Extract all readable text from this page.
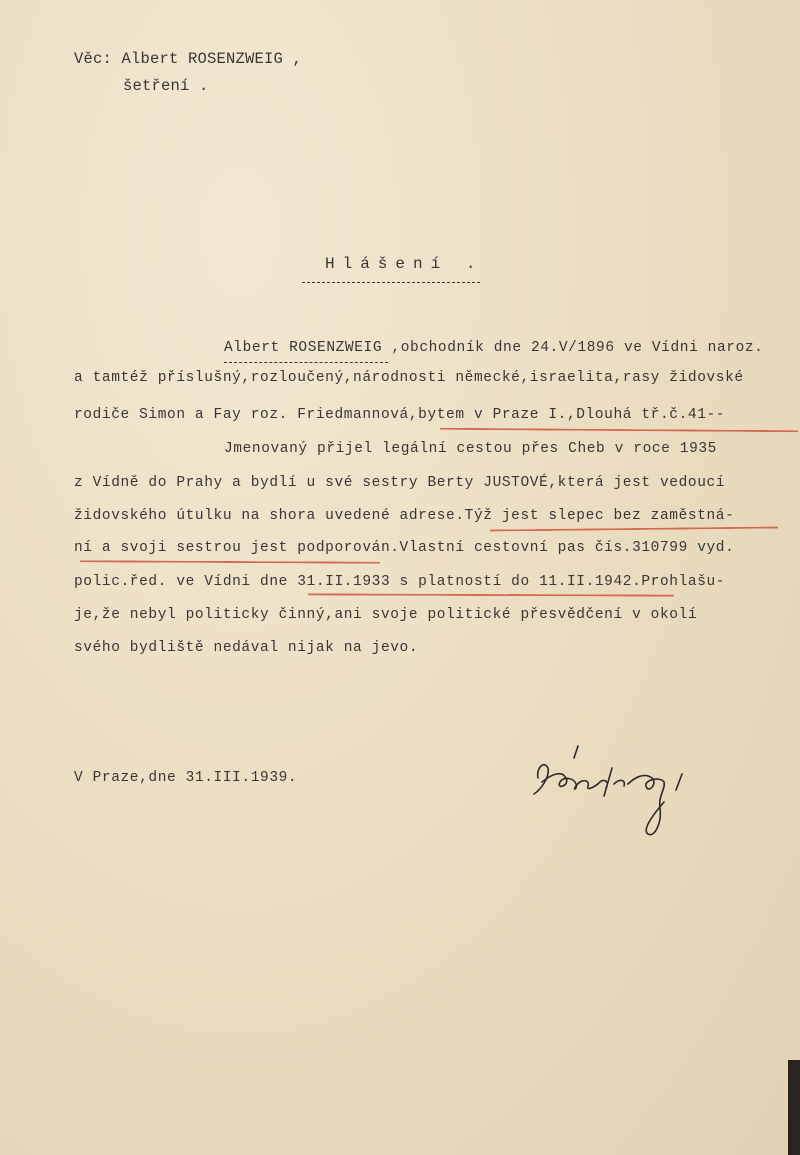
Věc: Albert ROSENZWEIG ,
šetření .
Hlášení .
Albert ROSENZWEIG ,obchodník dne 24.V/1896 ve Vídni naroz.
a tamtéž příslušný,rozloučený,národnosti německé,israelita,rasy židovské
rodiče Simon a Fay roz. Friedmannová,bytem v Praze I.,Dlouhá tř.č.41--
Jmenovaný přijel legální cestou přes Cheb v roce 1935
z Vídně do Prahy a bydlí u své sestry Berty JUSTOVÉ,která jest vedoucí
židovského útulku na shora uvedené adrese.Týž jest slepec bez zaměstná-
ní a svoji sestrou jest podporován.Vlastní cestovní pas čís.310799 vyd.
polic.řed. ve Vídni dne 31.II.1933 s platností do 11.II.1942.Prohlašu-
je,že nebyl politicky činný,ani svoje politické přesvědčení v okolí
svého bydliště nedával nijak na jevo.
V Praze,dne 31.III.1939.
